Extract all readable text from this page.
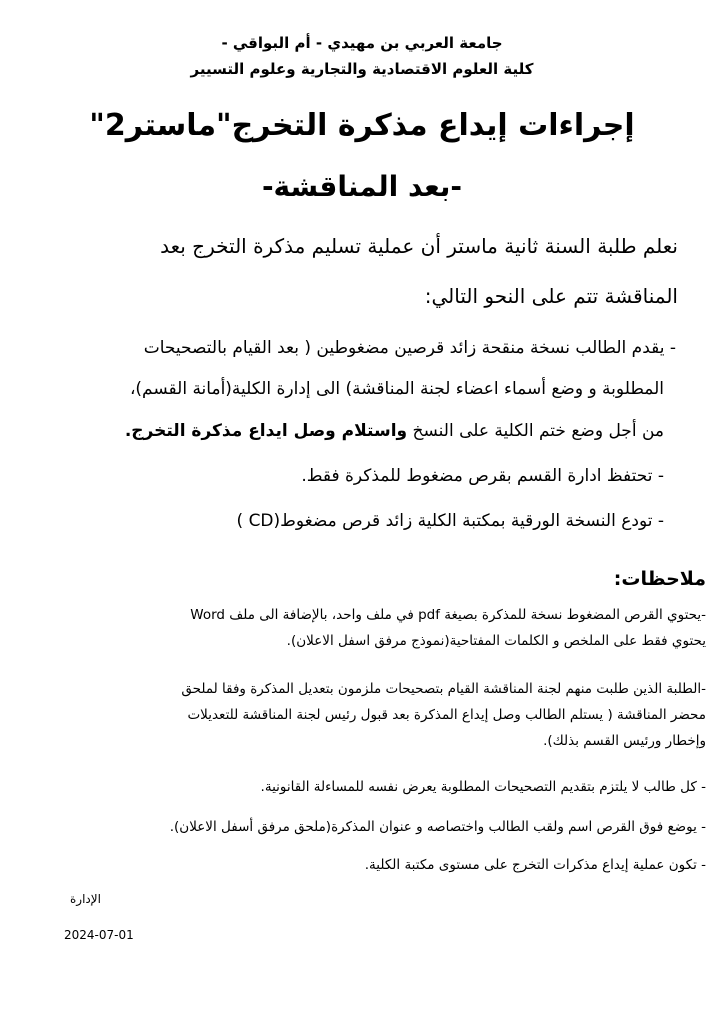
جامعة العربي بن مهيدي - أم البواقي -
كلية العلوم الاقتصادية والتجارية وعلوم التسيير
إجراءات إيداع مذكرة التخرج"ماستر2"
-بعد المناقشة-
نعلم طلبة السنة ثانية ماستر أن عملية تسليم مذكرة التخرج بعد
المناقشة تتم على النحو التالي:
- يقدم الطالب نسخة منقحة زائد قرصين مضغوطين ( بعد القيام بالتصحيحات
المطلوبة و وضع أسماء اعضاء لجنة المناقشة) الى إدارة الكلية(أمانة القسم)،
من أجل وضع ختم الكلية على النسخ واستلام وصل ايداع مذكرة التخرج.
- تحتفظ ادارة القسم بقرص مضغوط للمذكرة فقط.
- تودع النسخة الورقية بمكتبة الكلية زائد قرص مضغوط(CD )
ملاحظات:
-يحتوي القرص المضغوط نسخة للمذكرة بصيغة pdf في ملف واحد، بالإضافة الى ملف Word
يحتوي فقط على الملخص و الكلمات المفتاحية(نموذج مرفق اسفل الاعلان).
-الطلبة الذين طلبت منهم لجنة المناقشة القيام بتصحيحات ملزمون بتعديل المذكرة وفقا لملحق
محضر المناقشة ( يستلم الطالب وصل إيداع المذكرة بعد قبول رئيس لجنة المناقشة للتعديلات
وإخطار ورئيس القسم بذلك).
- كل طالب لا يلتزم بتقديم التصحيحات المطلوبة يعرض نفسه للمساءلة القانونية.
- يوضع فوق القرص اسم ولقب الطالب واختصاصه و عنوان المذكرة(ملحق مرفق أسفل الاعلان).
- تكون عملية إيداع مذكرات التخرج على مستوى مكتبة الكلية.
الإدارة
2024-07-01
